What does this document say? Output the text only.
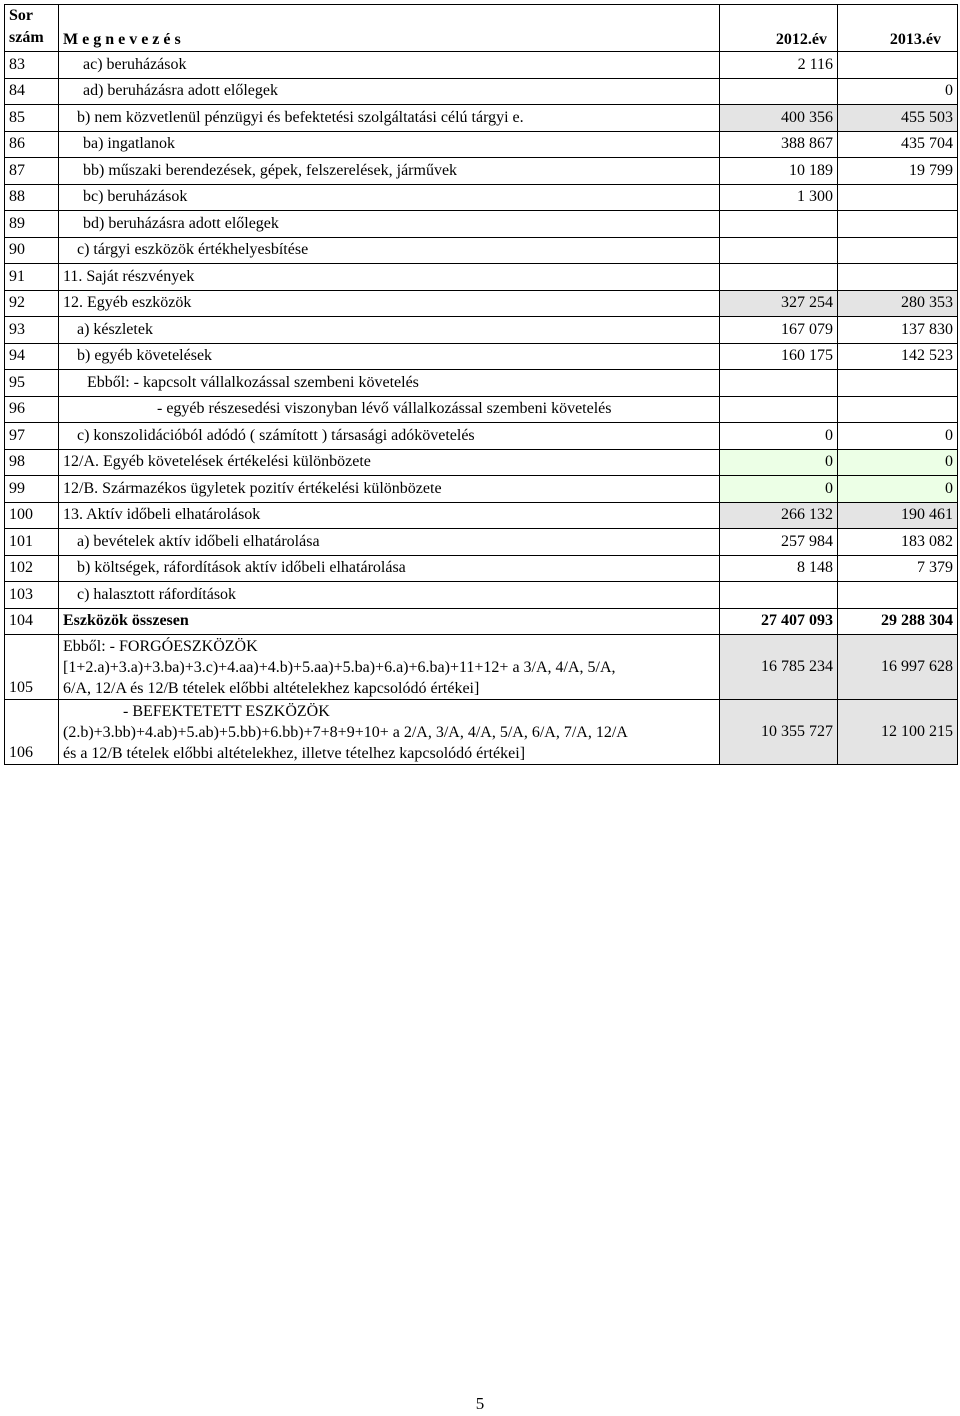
Sor
szám	M e g n e v e z é s	2012.év	2013.év
83	ac) beruházások	2 116	
84	ad) beruházásra adott előlegek		0
85	b) nem közvetlenül pénzügyi és befektetési szolgáltatási célú tárgyi e.	400 356	455 503
86	ba) ingatlanok	388 867	435 704
87	bb) műszaki berendezések, gépek, felszerelések, járművek	10 189	19 799
88	bc) beruházások	1 300	
89	bd) beruházásra adott előlegek		
90	c) tárgyi eszközök értékhelyesbítése		
91	11. Saját részvények		
92	12. Egyéb eszközök	327 254	280 353
93	a) készletek	167 079	137 830
94	b) egyéb követelések	160 175	142 523
95	Ebből: - kapcsolt vállalkozással szembeni követelés		
96	- egyéb részesedési viszonyban lévő vállalkozással szembeni követelés		
97	c) konszolidációból adódó ( számított ) társasági adókövetelés	0	0
98	12/A. Egyéb követelések értékelési különbözete	0	0
99	12/B. Származékos ügyletek pozitív értékelési különbözete	0	0
100	13. Aktív időbeli elhatárolások	266 132	190 461
101	a) bevételek aktív időbeli elhatárolása	257 984	183 082
102	b) költségek, ráfordítások aktív időbeli elhatárolása	8 148	7 379
103	c) halasztott ráfordítások		
104	Eszközök összesen	27 407 093	29 288 304
105	Ebből: - FORGÓESZKÖZÖK
[1+2.a)+3.a)+3.ba)+3.c)+4.aa)+4.b)+5.aa)+5.ba)+6.a)+6.ba)+11+12+ a 3/A, 4/A, 5/A,
6/A, 12/A és 12/B tételek előbbi altételekhez kapcsolódó értékei]	16 785 234	16 997 628
106	- BEFEKTETETT ESZKÖZÖK
(2.b)+3.bb)+4.ab)+5.ab)+5.bb)+6.bb)+7+8+9+10+ a 2/A, 3/A, 4/A, 5/A, 6/A, 7/A, 12/A
és a 12/B tételek előbbi altételekhez, illetve tételhez kapcsolódó értékei]	10 355 727	12 100 215
5
